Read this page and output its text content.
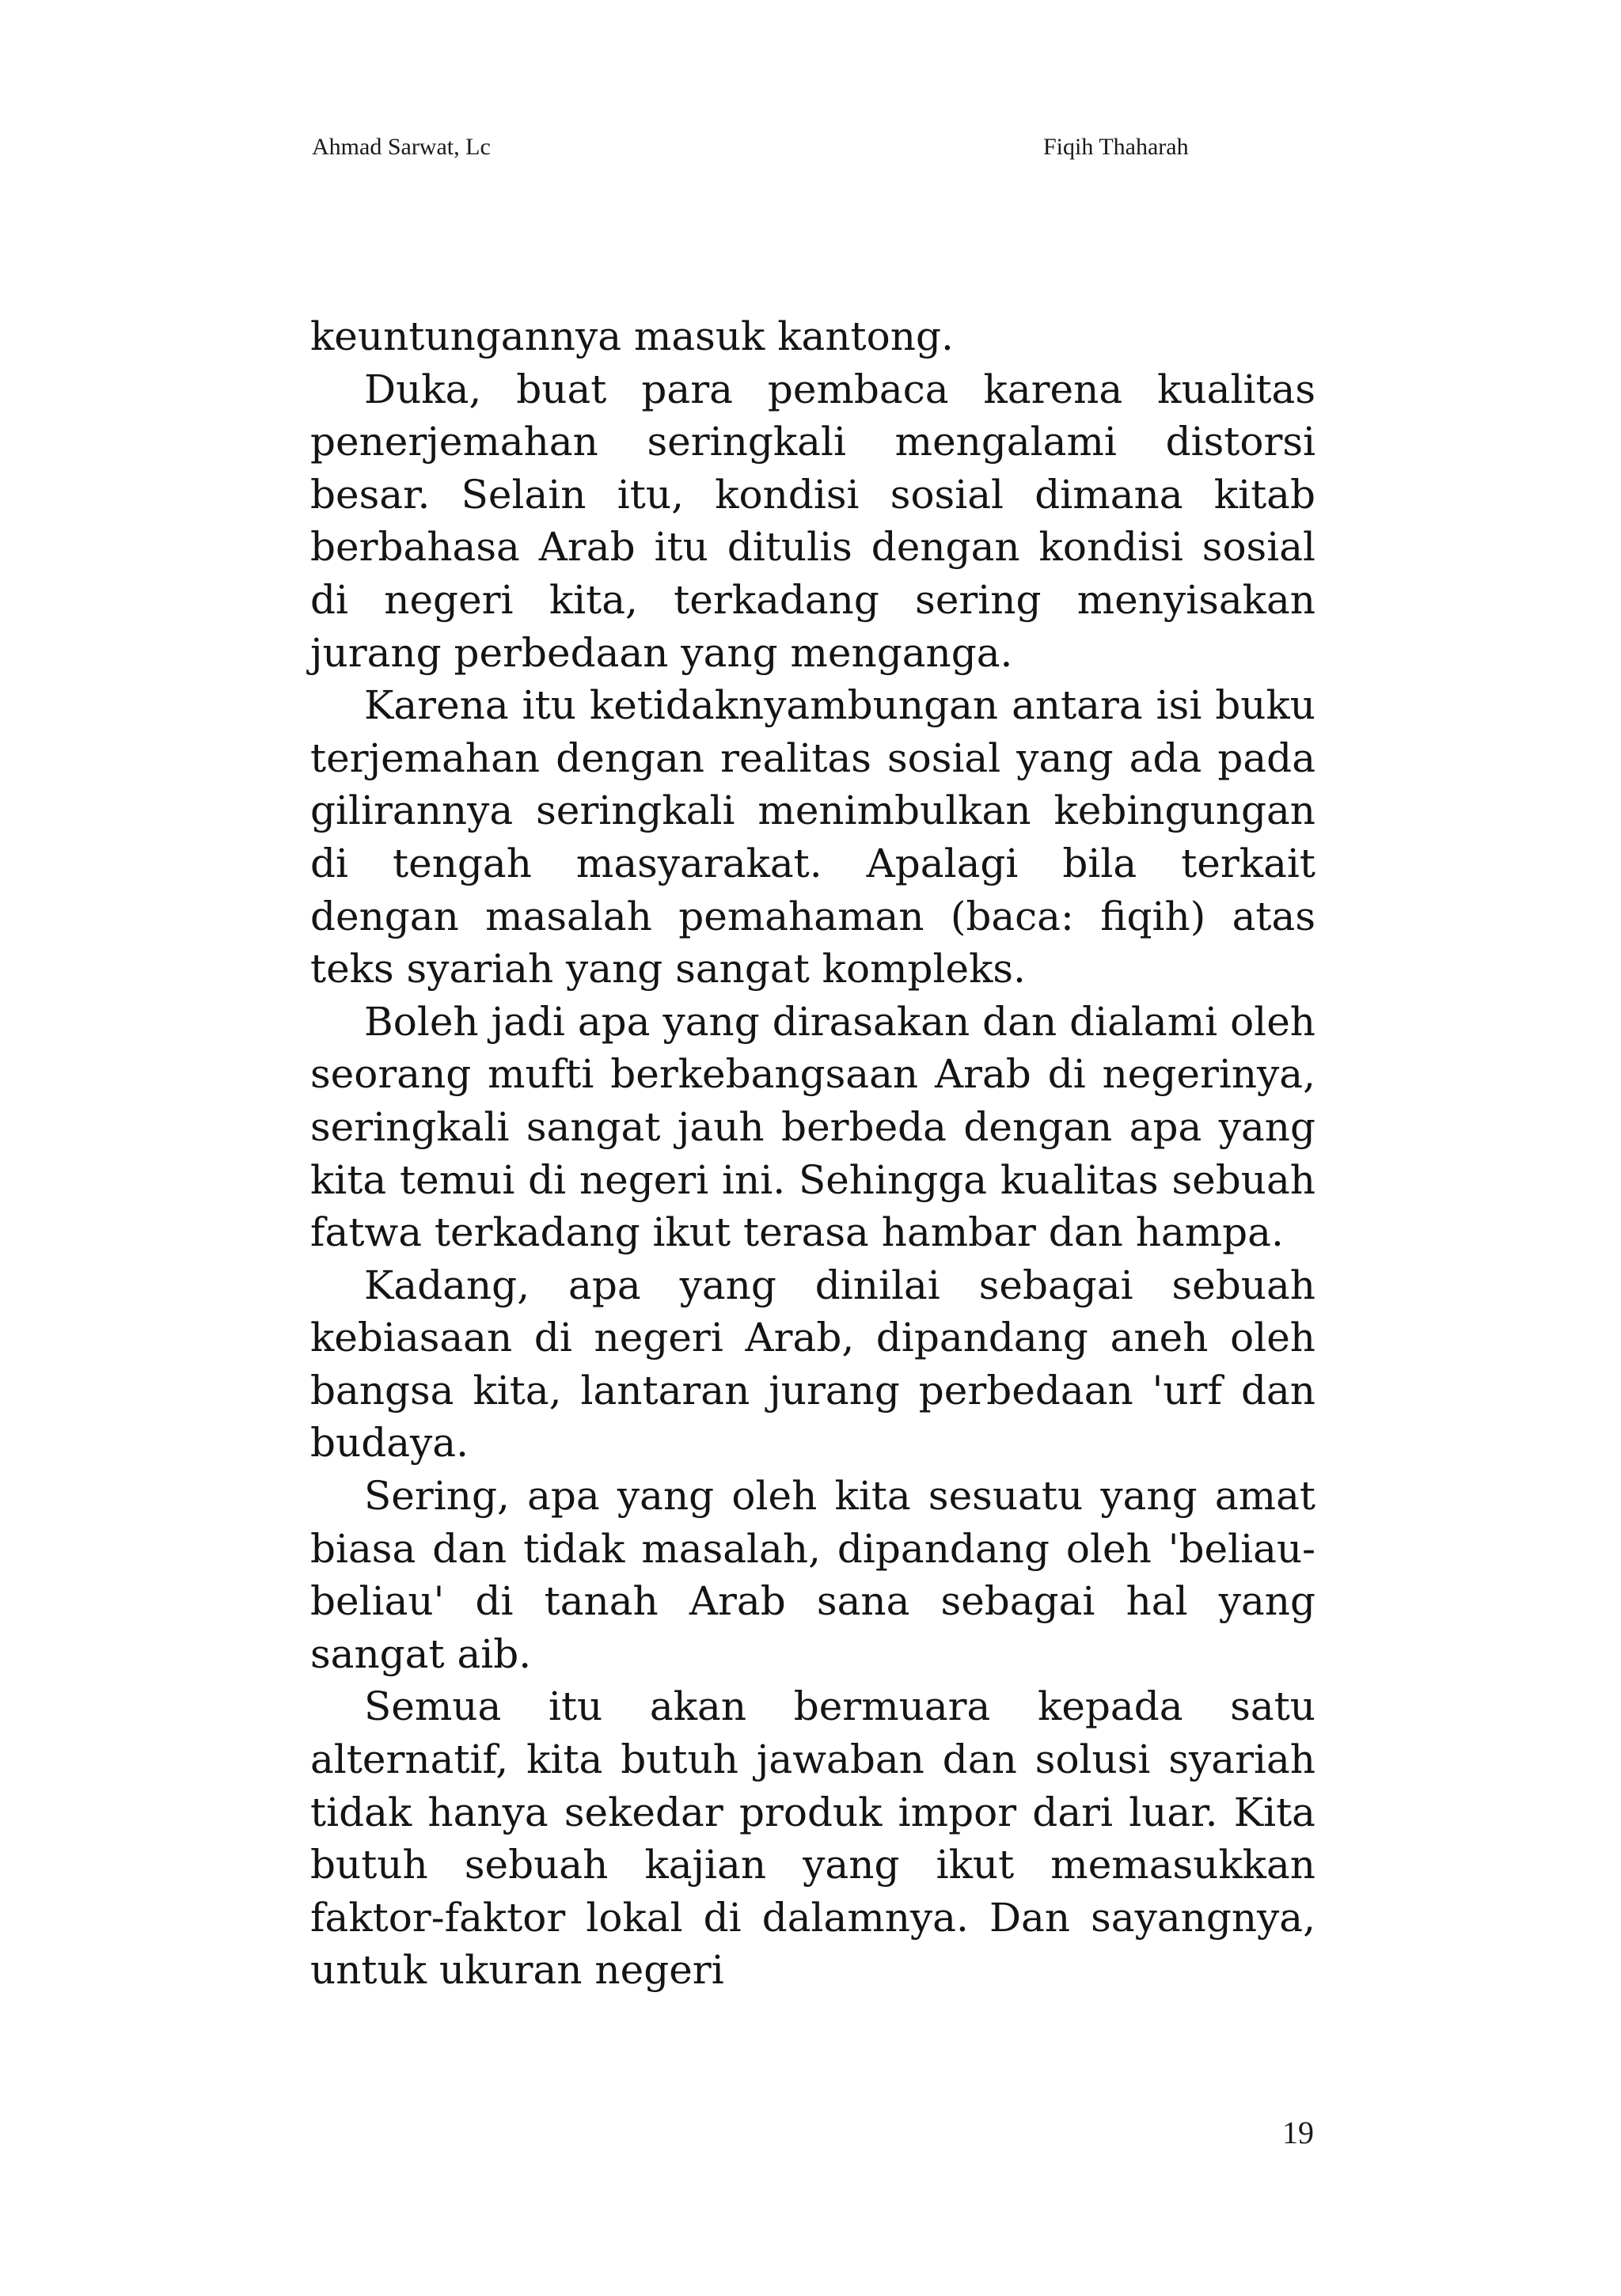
Ahmad Sarwat, Lc	Fiqih Thaharah

keuntungannya masuk kantong.

Duka, buat para pembaca karena kualitas penerjemahan seringkali mengalami distorsi besar. Selain itu, kondisi sosial dimana kitab berbahasa Arab itu ditulis dengan kondisi sosial di negeri kita, terkadang sering menyisakan jurang perbedaan yang menganga.

Karena itu ketidaknyambungan antara isi buku terjemahan dengan realitas sosial yang ada pada gilirannya seringkali menimbulkan kebingungan di tengah masyarakat. Apalagi bila terkait dengan masalah pemahaman (baca: fiqih) atas teks syariah yang sangat kompleks.

Boleh jadi apa yang dirasakan dan dialami oleh seorang mufti berkebangsaan Arab di negerinya, seringkali sangat jauh berbeda dengan apa yang kita temui di negeri ini. Sehingga kualitas sebuah fatwa terkadang ikut terasa hambar dan hampa.

Kadang, apa yang dinilai sebagai sebuah kebiasaan di negeri Arab, dipandang aneh oleh bangsa kita, lantaran jurang perbedaan 'urf dan budaya.

Sering, apa yang oleh kita sesuatu yang amat biasa dan tidak masalah, dipandang oleh 'beliau-beliau' di tanah Arab sana sebagai hal yang sangat aib.

Semua itu akan bermuara kepada satu alternatif, kita butuh jawaban dan solusi syariah tidak hanya sekedar produk impor dari luar. Kita butuh sebuah kajian yang ikut memasukkan faktor-faktor lokal di dalamnya. Dan sayangnya, untuk ukuran negeri

19
